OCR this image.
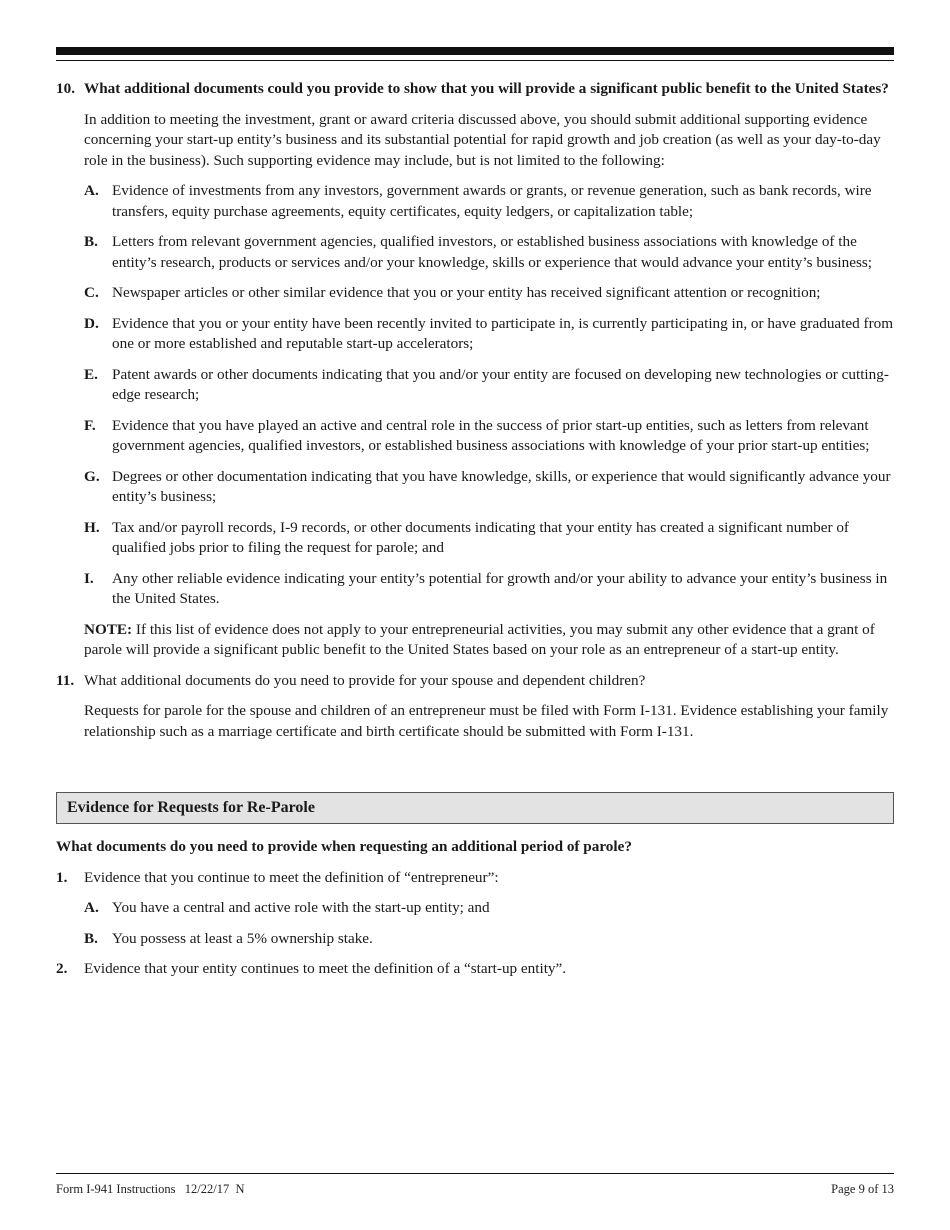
10. What additional documents could you provide to show that you will provide a significant public benefit to the United States?
In addition to meeting the investment, grant or award criteria discussed above, you should submit additional supporting evidence concerning your start-up entity’s business and its substantial potential for rapid growth and job creation (as well as your day-to-day role in the business). Such supporting evidence may include, but is not limited to the following:
A. Evidence of investments from any investors, government awards or grants, or revenue generation, such as bank records, wire transfers, equity purchase agreements, equity certificates, equity ledgers, or capitalization table;
B. Letters from relevant government agencies, qualified investors, or established business associations with knowledge of the entity’s research, products or services and/or your knowledge, skills or experience that would advance your entity’s business;
C. Newspaper articles or other similar evidence that you or your entity has received significant attention or recognition;
D. Evidence that you or your entity have been recently invited to participate in, is currently participating in, or have graduated from one or more established and reputable start-up accelerators;
E. Patent awards or other documents indicating that you and/or your entity are focused on developing new technologies or cutting-edge research;
F. Evidence that you have played an active and central role in the success of prior start-up entities, such as letters from relevant government agencies, qualified investors, or established business associations with knowledge of your prior start-up entities;
G. Degrees or other documentation indicating that you have knowledge, skills, or experience that would significantly advance your entity’s business;
H. Tax and/or payroll records, I-9 records, or other documents indicating that your entity has created a significant number of qualified jobs prior to filing the request for parole; and
I. Any other reliable evidence indicating your entity’s potential for growth and/or your ability to advance your entity’s business in the United States.
NOTE: If this list of evidence does not apply to your entrepreneurial activities, you may submit any other evidence that a grant of parole will provide a significant public benefit to the United States based on your role as an entrepreneur of a start-up entity.
11. What additional documents do you need to provide for your spouse and dependent children?
Requests for parole for the spouse and children of an entrepreneur must be filed with Form I-131. Evidence establishing your family relationship such as a marriage certificate and birth certificate should be submitted with Form I-131.
Evidence for Requests for Re-Parole
What documents do you need to provide when requesting an additional period of parole?
1. Evidence that you continue to meet the definition of “entrepreneur”:
A. You have a central and active role with the start-up entity; and
B. You possess at least a 5% ownership stake.
2. Evidence that your entity continues to meet the definition of a “start-up entity”.
Form I-941 Instructions   12/22/17  N	Page 9 of 13
